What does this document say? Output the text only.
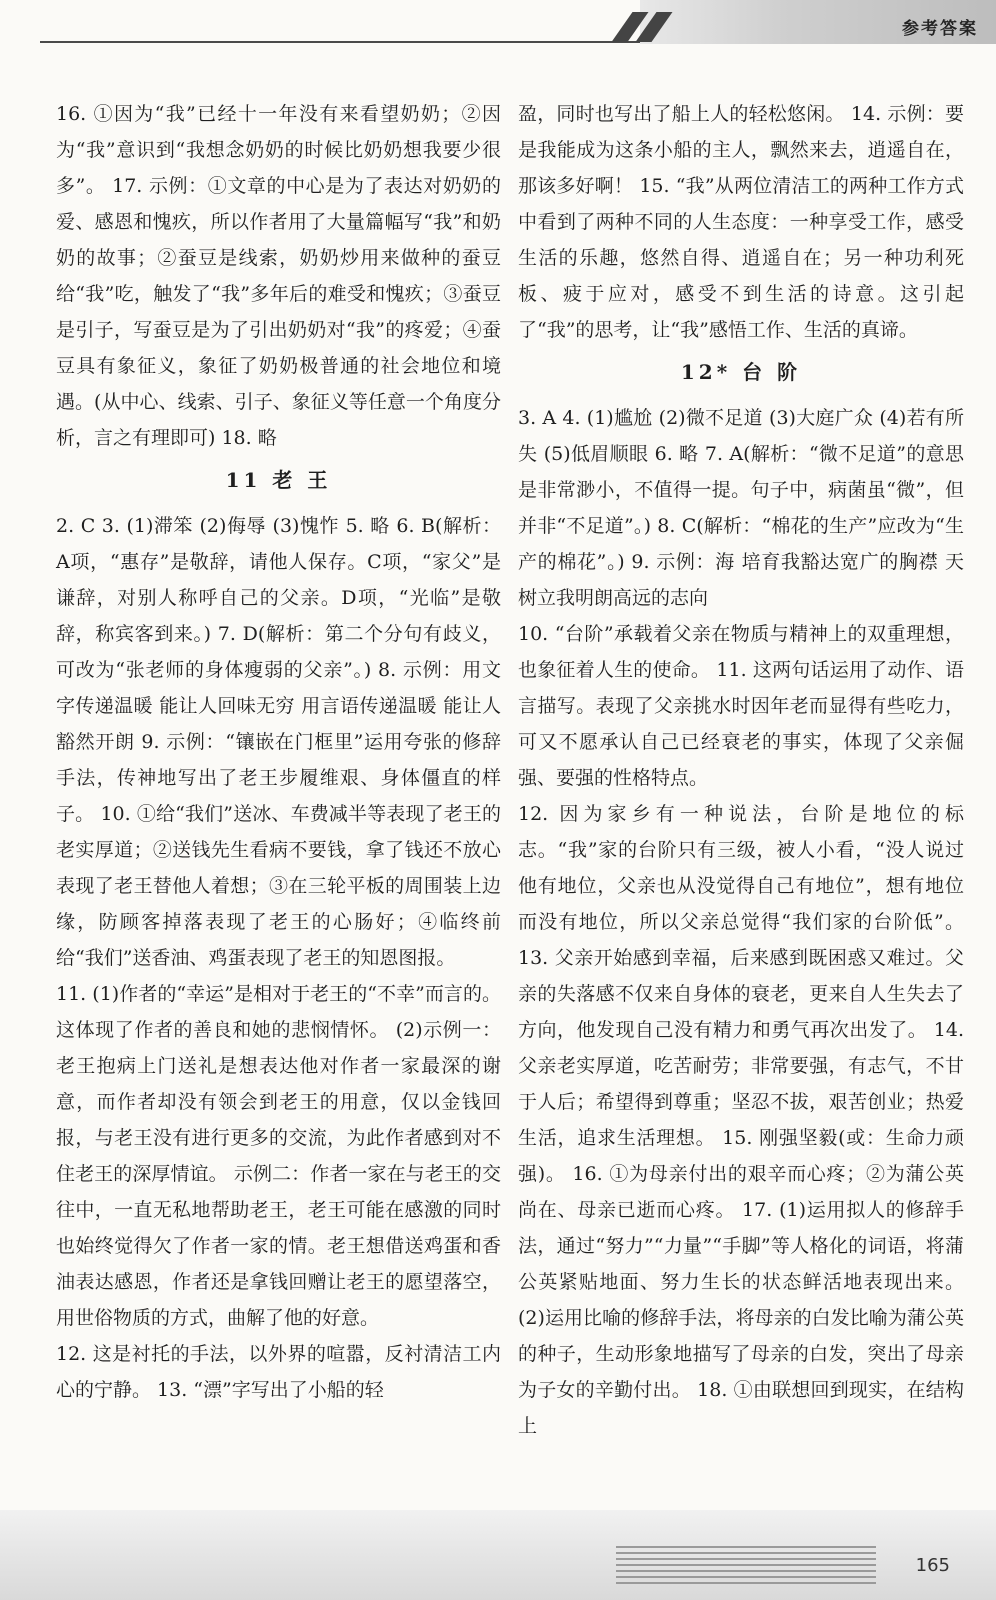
参考答案

16. ①因为“我”已经十一年没有来看望奶奶；②因为“我”意识到“我想念奶奶的时候比奶奶想我要少很多”。 17. 示例：①文章的中心是为了表达对奶奶的爱、感恩和愧疚，所以作者用了大量篇幅写“我”和奶奶的故事；②蚕豆是线索，奶奶炒用来做种的蚕豆给“我”吃，触发了“我”多年后的难受和愧疚；③蚕豆是引子，写蚕豆是为了引出奶奶对“我”的疼爱；④蚕豆具有象征义，象征了奶奶极普通的社会地位和境遇。(从中心、线索、引子、象征义等任意一个角度分析，言之有理即可) 18. 略

11 老 王

2. C 3. (1)滞笨 (2)侮辱 (3)愧怍 5. 略 6. B(解析：A项，“惠存”是敬辞，请他人保存。C项，“家父”是谦辞，对别人称呼自己的父亲。D项，“光临”是敬辞，称宾客到来。) 7. D(解析：第二个分句有歧义，可改为“张老师的身体瘦弱的父亲”。) 8. 示例：用文字传递温暖 能让人回味无穷 用言语传递温暖 能让人豁然开朗 9. 示例：“镶嵌在门框里”运用夸张的修辞手法，传神地写出了老王步履维艰、身体僵直的样子。 10. ①给“我们”送冰、车费减半等表现了老王的老实厚道；②送钱先生看病不要钱，拿了钱还不放心表现了老王替他人着想；③在三轮平板的周围装上边缘，防顾客掉落表现了老王的心肠好；④临终前给“我们”送香油、鸡蛋表现了老王的知恩图报。

11. (1)作者的“幸运”是相对于老王的“不幸”而言的。这体现了作者的善良和她的悲悯情怀。 (2)示例一：老王抱病上门送礼是想表达他对作者一家最深的谢意，而作者却没有领会到老王的用意，仅以金钱回报，与老王没有进行更多的交流，为此作者感到对不住老王的深厚情谊。 示例二：作者一家在与老王的交往中，一直无私地帮助老王，老王可能在感激的同时也始终觉得欠了作者一家的情。老王想借送鸡蛋和香油表达感恩，作者还是拿钱回赠让老王的愿望落空，用世俗物质的方式，曲解了他的好意。

12. 这是衬托的手法，以外界的喧嚣，反衬清洁工内心的宁静。 13. “漂”字写出了小船的轻

盈，同时也写出了船上人的轻松悠闲。 14. 示例：要是我能成为这条小船的主人，飘然来去，逍遥自在，那该多好啊！ 15. “我”从两位清洁工的两种工作方式中看到了两种不同的人生态度：一种享受工作，感受生活的乐趣，悠然自得、逍遥自在；另一种功利死板、疲于应对，感受不到生活的诗意。这引起了“我”的思考，让“我”感悟工作、生活的真谛。

12* 台 阶

3. A 4. (1)尴尬 (2)微不足道 (3)大庭广众 (4)若有所失 (5)低眉顺眼 6. 略 7. A(解析：“微不足道”的意思是非常渺小，不值得一提。句子中，病菌虽“微”，但并非“不足道”。) 8. C(解析：“棉花的生产”应改为“生产的棉花”。) 9. 示例：海 培育我豁达宽广的胸襟 天 树立我明朗高远的志向

10. “台阶”承载着父亲在物质与精神上的双重理想，也象征着人生的使命。 11. 这两句话运用了动作、语言描写。表现了父亲挑水时因年老而显得有些吃力，可又不愿承认自己已经衰老的事实，体现了父亲倔强、要强的性格特点。

12. 因为家乡有一种说法，台阶是地位的标志。“我”家的台阶只有三级，被人小看，“没人说过他有地位，父亲也从没觉得自己有地位”，想有地位而没有地位，所以父亲总觉得“我们家的台阶低”。 13. 父亲开始感到幸福，后来感到既困惑又难过。父亲的失落感不仅来自身体的衰老，更来自人生失去了方向，他发现自己没有精力和勇气再次出发了。 14. 父亲老实厚道，吃苦耐劳；非常要强，有志气，不甘于人后；希望得到尊重；坚忍不拔，艰苦创业；热爱生活，追求生活理想。 15. 刚强坚毅(或：生命力顽强)。 16. ①为母亲付出的艰辛而心疼；②为蒲公英尚在、母亲已逝而心疼。 17. (1)运用拟人的修辞手法，通过“努力”“力量”“手脚”等人格化的词语，将蒲公英紧贴地面、努力生长的状态鲜活地表现出来。 (2)运用比喻的修辞手法，将母亲的白发比喻为蒲公英的种子，生动形象地描写了母亲的白发，突出了母亲为子女的辛勤付出。 18. ①由联想回到现实，在结构上

165
